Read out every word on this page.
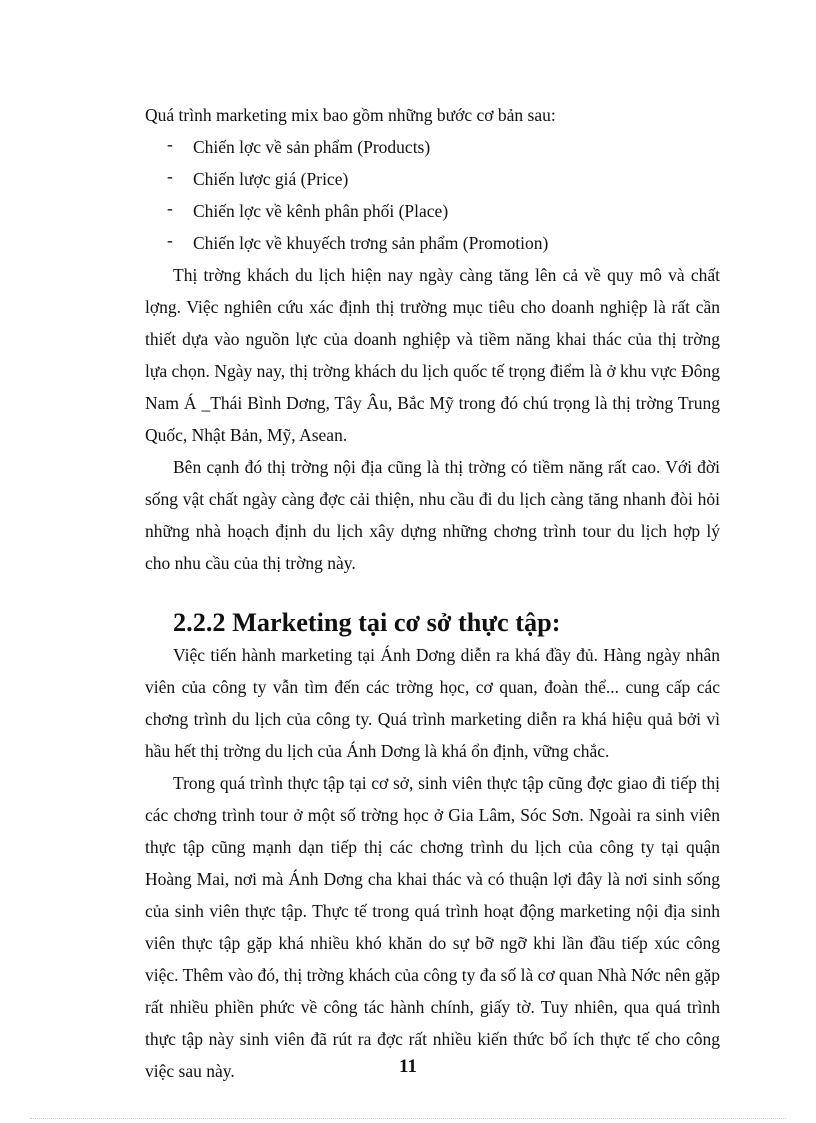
Quá trình marketing mix bao gồm những bước cơ bản sau:

- Chiến lợc về sản phẩm (Products)
- Chiến lược giá (Price)
- Chiến lợc về kênh phân phối (Place)
- Chiến lợc về khuyếch trơng sản phẩm (Promotion)

Thị trờng khách du lịch hiện nay ngày càng tăng lên cả về quy mô và chất lợng. Việc nghiên cứu xác định thị trường mục tiêu cho doanh nghiệp là rất cần thiết dựa vào nguồn lực của doanh nghiệp và tiềm năng khai thác của thị trờng lựa chọn. Ngày nay, thị trờng khách du lịch quốc tế trọng điểm là ở khu vực Đông Nam Á _Thái Bình Dơng, Tây Âu, Bắc Mỹ trong đó chú trọng là thị trờng Trung Quốc, Nhật Bản, Mỹ, Asean.

Bên cạnh đó thị trờng nội địa cũng là thị trờng có tiềm năng rất cao. Với đời sống vật chất ngày càng đợc cải thiện, nhu cầu đi du lịch càng tăng nhanh đòi hỏi những nhà hoạch định du lịch xây dựng những chơng trình tour du lịch hợp lý cho nhu cầu của thị trờng này.

2.2.2 Marketing tại cơ sở thực tập:

Việc tiến hành marketing tại Ánh Dơng diễn ra khá đầy đủ. Hàng ngày nhân viên của công ty vẫn tìm đến các trờng học, cơ quan, đoàn thể... cung cấp các chơng trình du lịch của công ty. Quá trình marketing diễn ra khá hiệu quả bởi vì hầu hết thị trờng du lịch của Ánh Dơng là khá ổn định, vững chắc.

Trong quá trình thực tập tại cơ sở, sinh viên thực tập cũng đợc giao đi tiếp thị các chơng trình tour ở một số trờng học ở Gia Lâm, Sóc Sơn. Ngoài ra sinh viên thực tập cũng mạnh dạn tiếp thị các chơng trình du lịch của công ty tại quận Hoàng Mai, nơi mà Ánh Dơng cha khai thác và có thuận lợi đây là nơi sinh sống của sinh viên thực tập. Thực tế trong quá trình hoạt động marketing nội địa sinh viên thực tập gặp khá nhiều khó khăn do sự bỡ ngỡ khi lần đầu tiếp xúc công việc. Thêm vào đó, thị trờng khách của công ty đa số là cơ quan Nhà Nớc nên gặp rất nhiều phiền phức về công tác hành chính, giấy tờ. Tuy nhiên, qua quá trình thực tập này sinh viên đã rút ra đợc rất nhiều kiến thức bổ ích thực tế cho công việc sau này.	11
